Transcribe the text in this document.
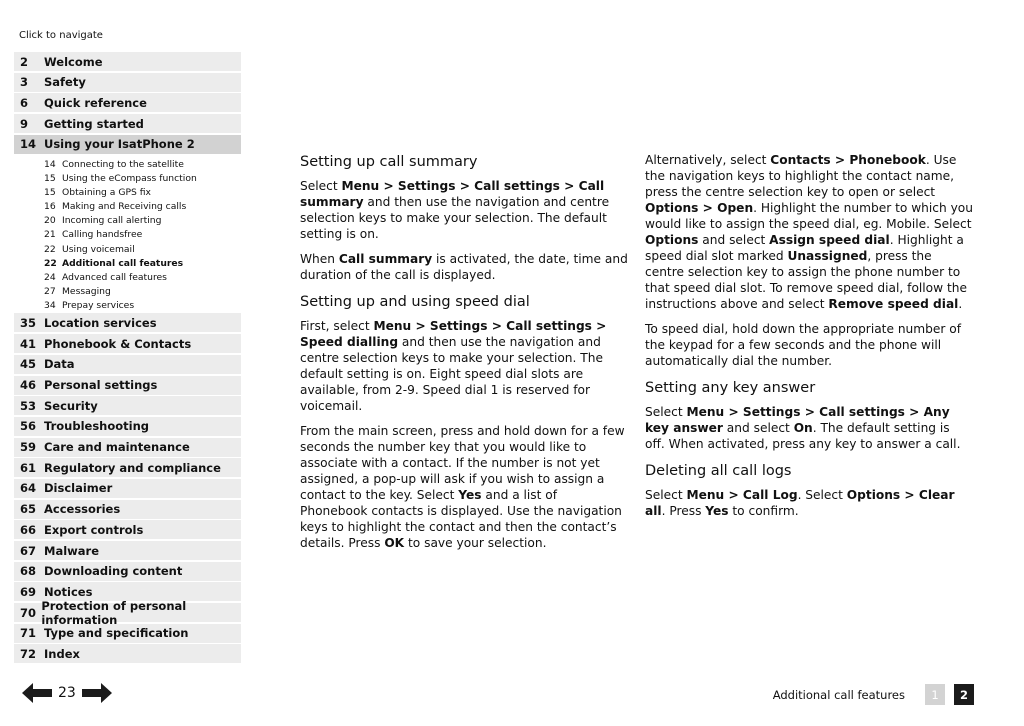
Click to navigate
2	Welcome
3	Safety
6	Quick reference
9	Getting started
14 Using your IsatPhone 2
14 Connecting to the satellite
15 Using the eCompass function
15 Obtaining a GPS fix
16 Making and Receiving calls
20 Incoming call alerting
21 Calling handsfree
22 Using voicemail
22 Additional call features
24 Advanced call features
27 Messaging
34 Prepay services
35 Location services
41 Phonebook & Contacts
45 Data
46 Personal settings
53 Security
56 Troubleshooting
59 Care and maintenance
61 Regulatory and compliance
64 Disclaimer
65 Accessories
66 Export controls
67 Malware
68 Downloading content
69 Notices
70 Protection of personal information
71 Type and specification
72 Index
Setting up call summary

Select Menu > Settings > Call settings > Call summary and then use the navigation and centre selection keys to make your selection. The default setting is on.

When Call summary is activated, the date, time and duration of the call is displayed.

Setting up and using speed dial

First, select Menu > Settings > Call settings > Speed dialling and then use the navigation and centre selection keys to make your selection. The default setting is on. Eight speed dial slots are available, from 2-9. Speed dial 1 is reserved for voicemail.

From the main screen, press and hold down for a few seconds the number key that you would like to associate with a contact. If the number is not yet assigned, a pop-up will ask if you wish to assign a contact to the key. Select Yes and a list of Phonebook contacts is displayed. Use the navigation keys to highlight the contact and then the contact’s details. Press OK to save your selection.

Alternatively, select Contacts > Phonebook. Use the navigation keys to highlight the contact name, press the centre selection key to open or select Options > Open. Highlight the number to which you would like to assign the speed dial, eg. Mobile. Select Options and select Assign speed dial. Highlight a speed dial slot marked Unassigned, press the centre selection key to assign the phone number to that speed dial slot. To remove speed dial, follow the instructions above and select Remove speed dial.

To speed dial, hold down the appropriate number of the keypad for a few seconds and the phone will automatically dial the number.

Setting any key answer

Select Menu > Settings > Call settings > Any key answer and select On. The default setting is off. When activated, press any key to answer a call.

Deleting all call logs

Select Menu > Call Log. Select Options > Clear all. Press Yes to confirm.

23	Additional call features	1	2
